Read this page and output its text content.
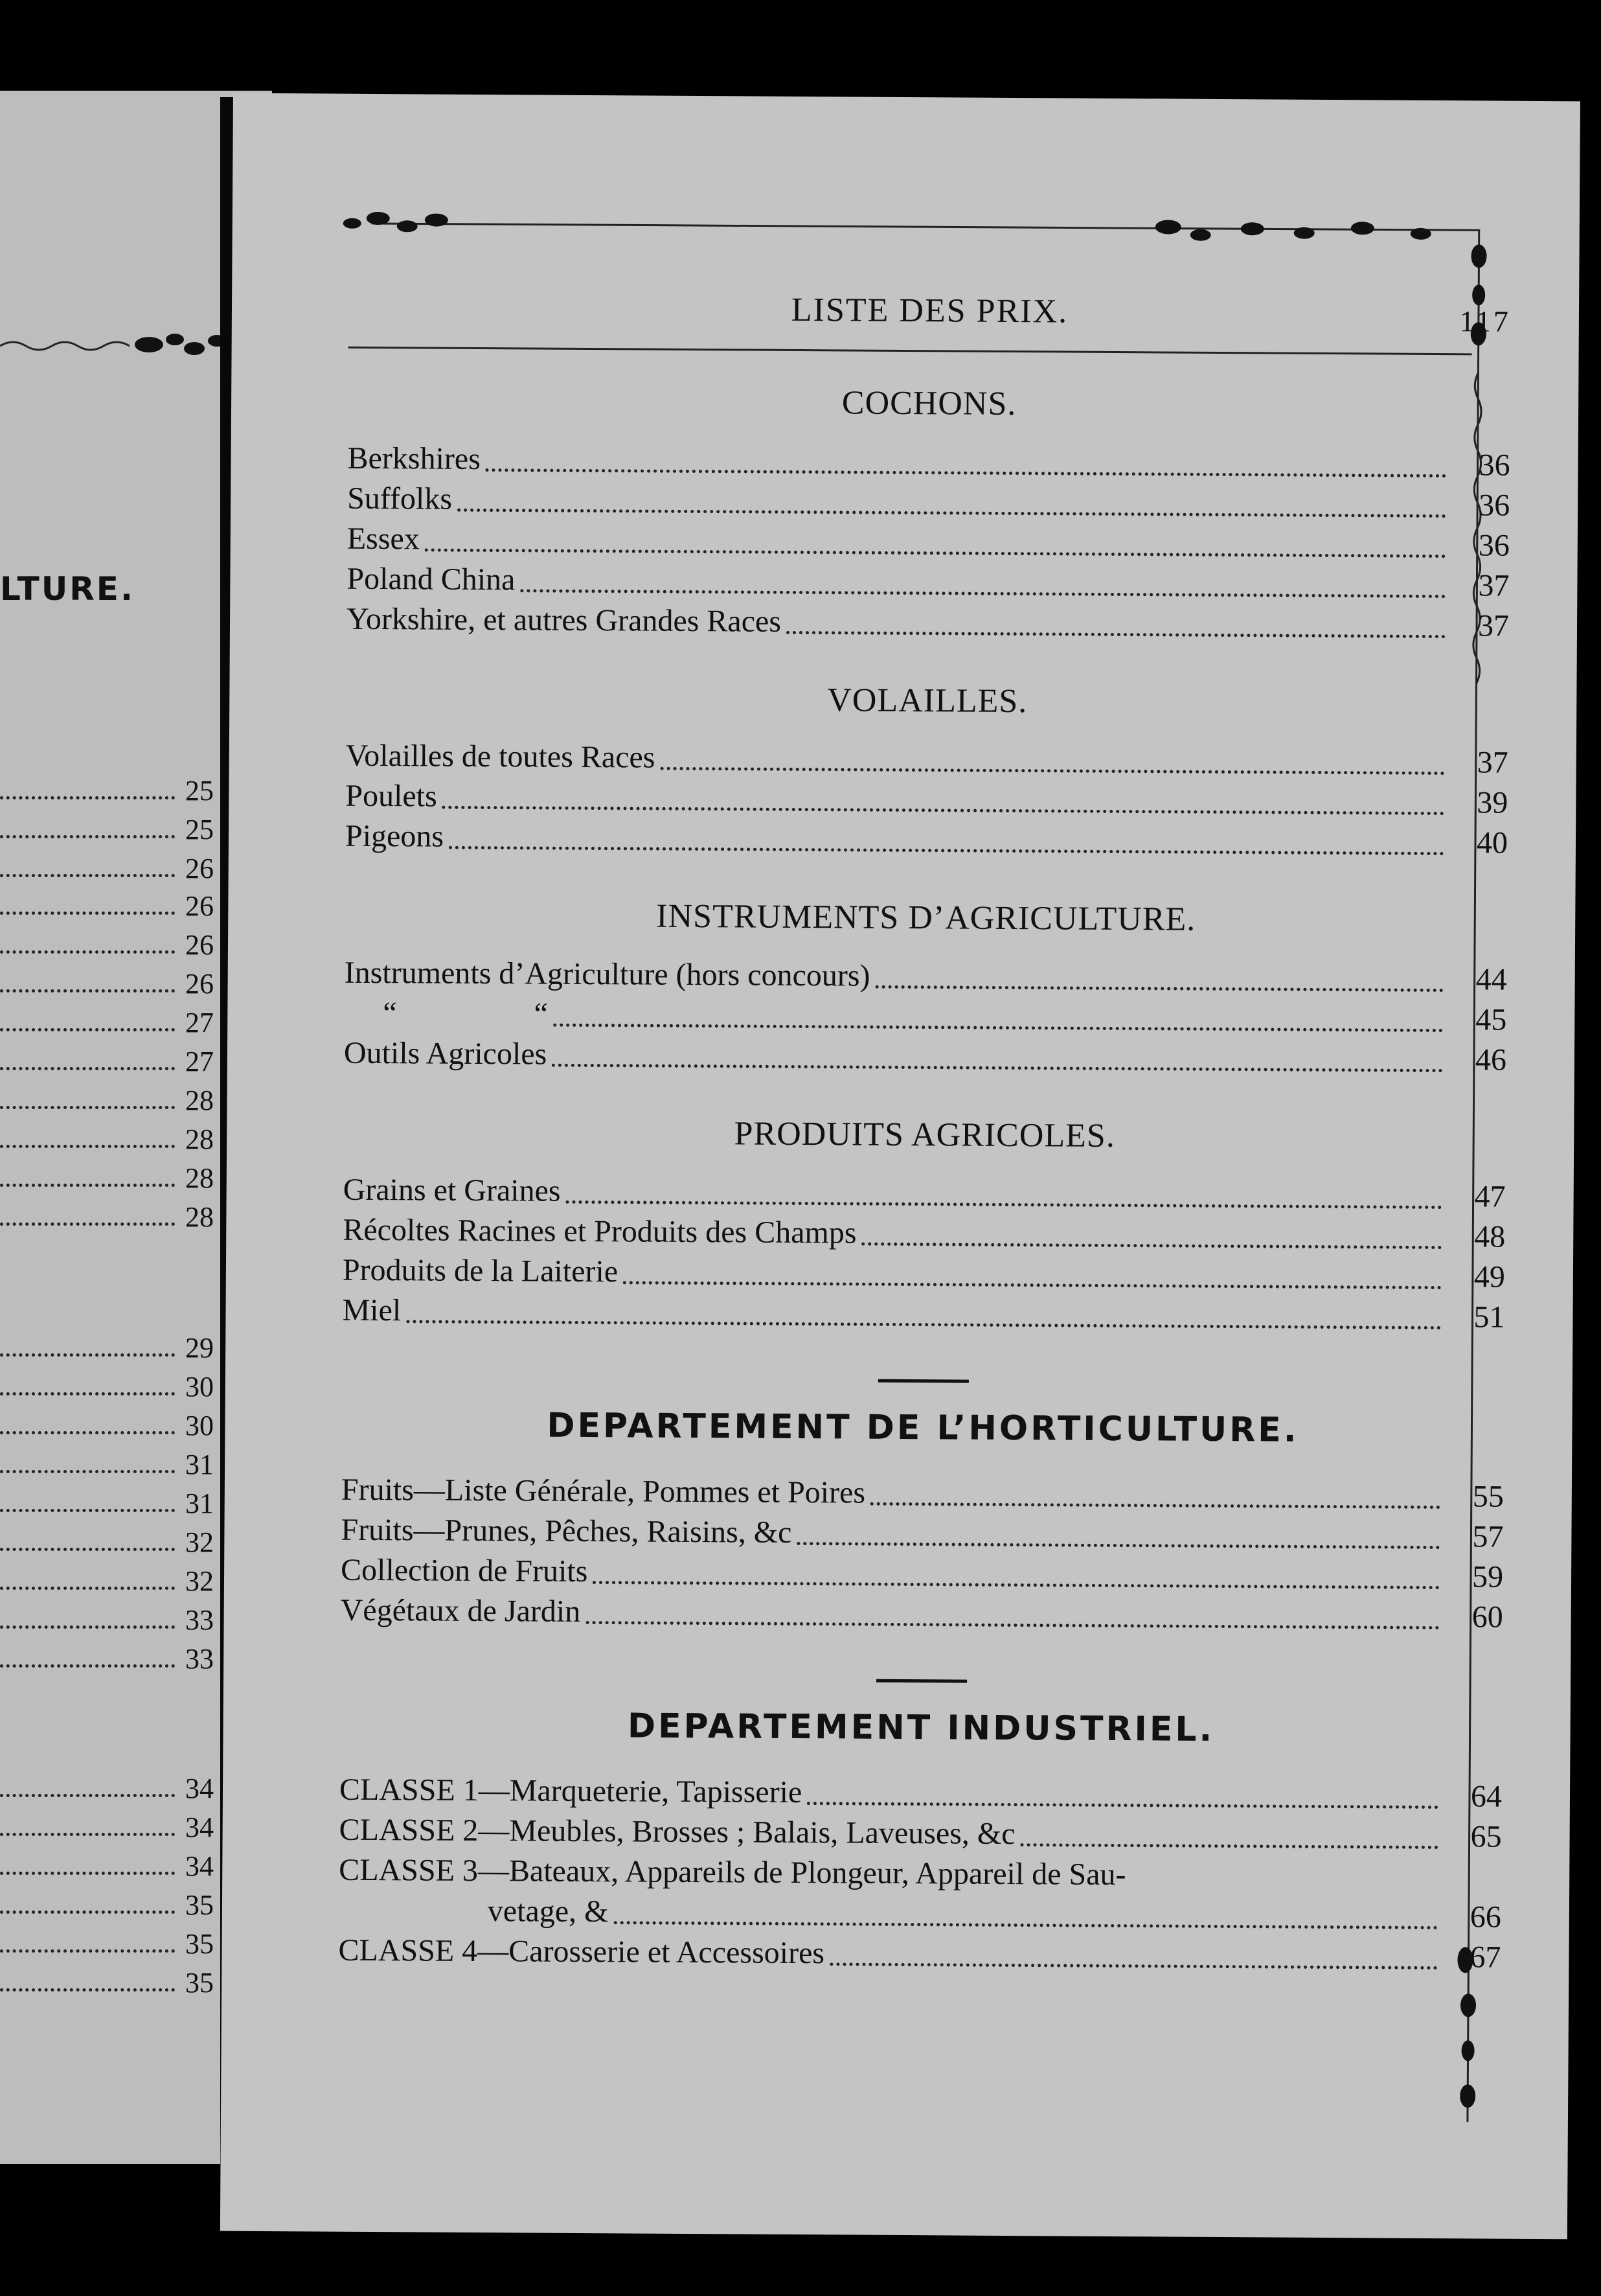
LTURE.
25
25
26
26
26
26
27
27
28
28
28
28
29
30
30
31
31
32
32
33
33
34
34
34
35
35
35
LISTE DES PRIX.	117
COCHONS.
Berkshires	36
Suffolks	36
Essex	36
Poland China	37
Yorkshire, et autres Grandes Races	37
VOLAILLES.
Volailles de toutes Races	37
Poulets	39
Pigeons	40
INSTRUMENTS D’AGRICULTURE.
Instruments d’Agriculture (hors concours)	44
“ “	45
Outils Agricoles	46
PRODUITS AGRICOLES.
Grains et Graines	47
Récoltes Racines et Produits des Champs	48
Produits de la Laiterie	49
Miel	51
DEPARTEMENT DE L’HORTICULTURE.
Fruits—Liste Générale, Pommes et Poires	55
Fruits—Prunes, Pêches, Raisins, &c	57
Collection de Fruits	59
Végétaux de Jardin	60
DEPARTEMENT INDUSTRIEL.
CLASSE 1—Marqueterie, Tapisserie	64
CLASSE 2—Meubles, Brosses ; Balais, Laveuses, &c	65
CLASSE 3—Bateaux, Appareils de Plongeur, Appareil de Sau-
vetage, &	66
CLASSE 4—Carosserie et Accessoires	67
